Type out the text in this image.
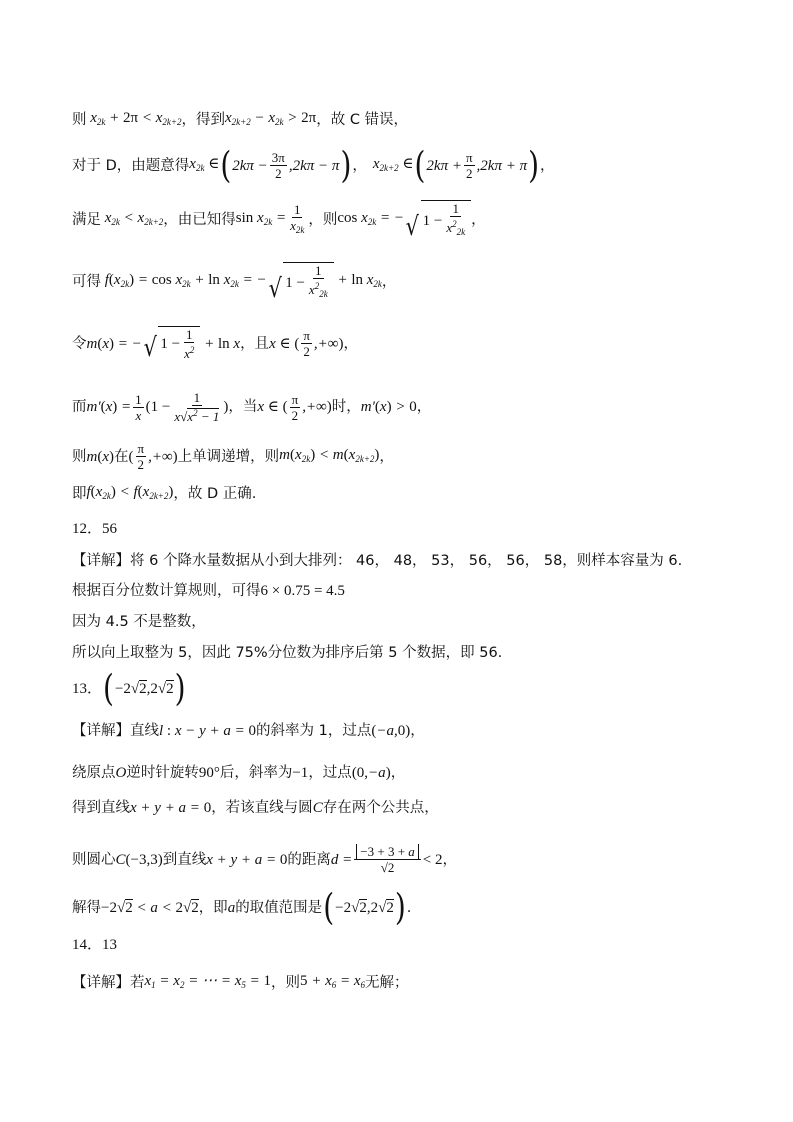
则 $x_{2k} + 2\pi < x_{2k+2}$ ，得到 $x_{2k+2} - x_{2k} > 2\pi$ ，故 C 错误，
对于 D，由题意得 $x_{2k}$ ∈ ( $2k\pi - \frac{3\pi}{2} ,2k\pi - \pi$ ) ， $x_{2k+2}$ ∈ ( $2k\pi + \frac{\pi}{2} ,2k\pi + \pi$ ) ，
满足 $x_{2k} < x_{2k+2}$ ，由已知得 $\sin x_{2k} = \frac{1}{x_{2k}}$ ，则 $\cos x_{2k}$ = − √ $1 - \frac{1}{x^2_{2k}}$ ，
可得 $f(x_{2k}) = \cos x_{2k} + \ln x_{2k}$ = − √ $1 - \frac{1}{x^2_{2k}} + \ln x_{2k}$ ，
令 m(x) = − √ $1 - \frac{1}{x^2} + \ln x$ ，且 x ∈ ( $\frac{\pi}{2}$ ,+∞) ，
而 $m'(x) = \frac{1}{x} (1 - \frac{1}{x√x^2 - 1}$ ) ，当 x ∈ ( $\frac{\pi}{2}$ ,+∞) 时， m′(x) > 0 ，
则 m(x) 在 ( $\frac{\pi}{2}$ ,+∞) 上单调递增，则 $m(x_{2k}) < m(x_{2k+2})$ ，
即 $f(x_{2k}) < f(x_{2k+2})$ ，故 D 正确.
12．56
【详解】将 6 个降水量数据从小到大排列： 46， 48， 53， 56， 56， 58，则样本容量为 6.
根据百分位数计算规则，可得 6 × 0.75 = 4.5
因为 4.5 不是整数，
所以向上取整为 5，因此 75%分位数为排序后第 5 个数据，即 56.
13． ( −2√2,2√2 )
【详解】直线 l : x − y + a = 0 的斜率为 1，过点 (−a,0) ，
绕原点 O 逆时针旋转 90° 后，斜率为 −1 ，过点 (0,−a) ，
得到直线 x + y + a = 0 ，若该直线与圆 C 存在两个公共点，
则圆心 C(−3,3) 到直线 x + y + a = 0 的距离 $d = \frac{-3 + 3 + a}{√2} < 2$ ，
解得 −2√2 < a < 2√2 ，即 a 的取值范围是 ( −2√2,2√2 ) .
14．13
【详解】若 $x_1 = x_2$ = ⋯ = $x_5 = 1$ ，则 $5 + x_6 = x_6$ 无解；
